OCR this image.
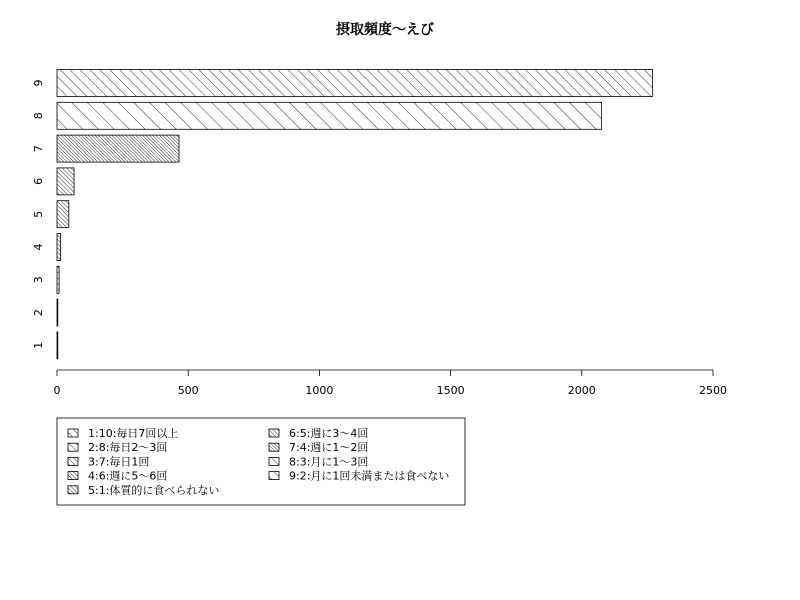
摂取頻度〜えび
1
2
3
4
5
6
7
8
9
0	500	1000	1500	2000	2500
1:10:毎日7回以上
2:8:毎日2〜3回
3:7:毎日1回
4:6:週に5〜6回
5:1:体質的に食べられない
6:5:週に3〜4回
7:4:週に1〜2回
8:3:月に1〜3回
9:2:月に1回未満または食べない
